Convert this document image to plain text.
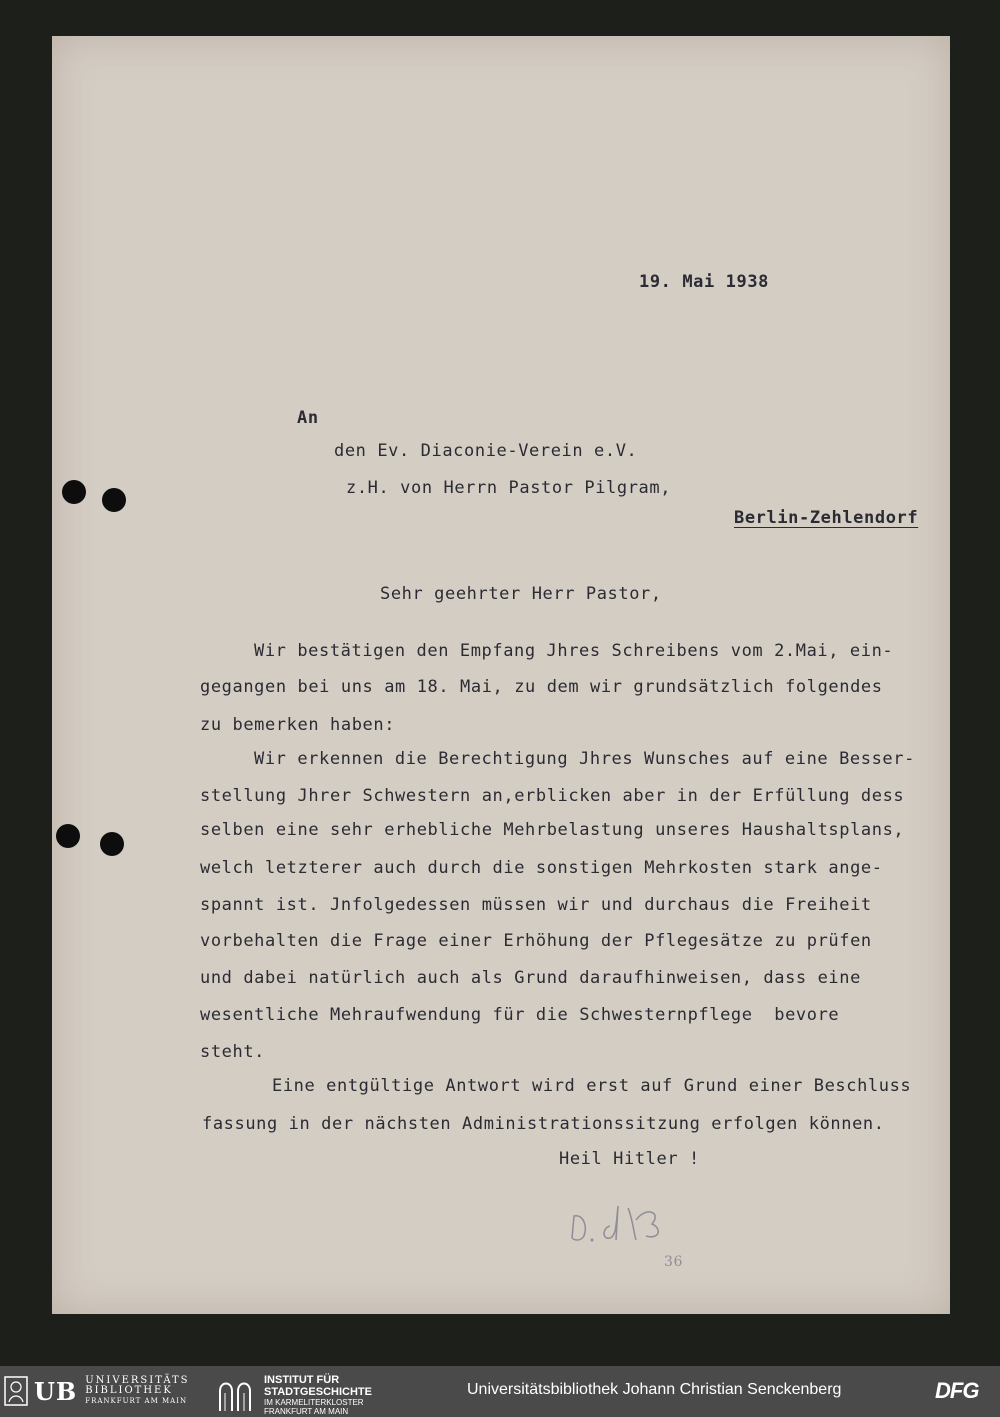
19. Mai 1938
An
den Ev. Diaconie-Verein e.V.
z.H. von Herrn Pastor Pilgram,
Berlin-Zehlendorf
Sehr geehrter Herr Pastor,
Wir bestätigen den Empfang Jhres Schreibens vom 2.Mai, ein-
gegangen bei uns am 18. Mai, zu dem wir grundsätzlich folgendes
zu bemerken haben:
Wir erkennen die Berechtigung Jhres Wunsches auf eine Besser-
stellung Jhrer Schwestern an,erblicken aber in der Erfüllung dess
selben eine sehr erhebliche Mehrbelastung unseres Haushaltsplans,
welch letzterer auch durch die sonstigen Mehrkosten stark ange-
spannt ist. Jnfolgedessen müssen wir und durchaus die Freiheit
vorbehalten die Frage einer Erhöhung der Pflegesätze zu prüfen
und dabei natürlich auch als Grund daraufhinweisen, dass eine
wesentliche Mehraufwendung für die Schwesternpflege  bevore
steht.
Eine entgültige Antwort wird erst auf Grund einer Beschluss
fassung in der nächsten Administrationssitzung erfolgen können.
Heil Hitler !
36
UB UNIVERSITÄTS
BIBLIOTHEK
FRANKFURT AM MAIN
INSTITUT FÜR
STADTGESCHICHTE
IM KARMELITERKLOSTER
FRANKFURT AM MAIN
Universitätsbibliothek Johann Christian Senckenberg	DFG
